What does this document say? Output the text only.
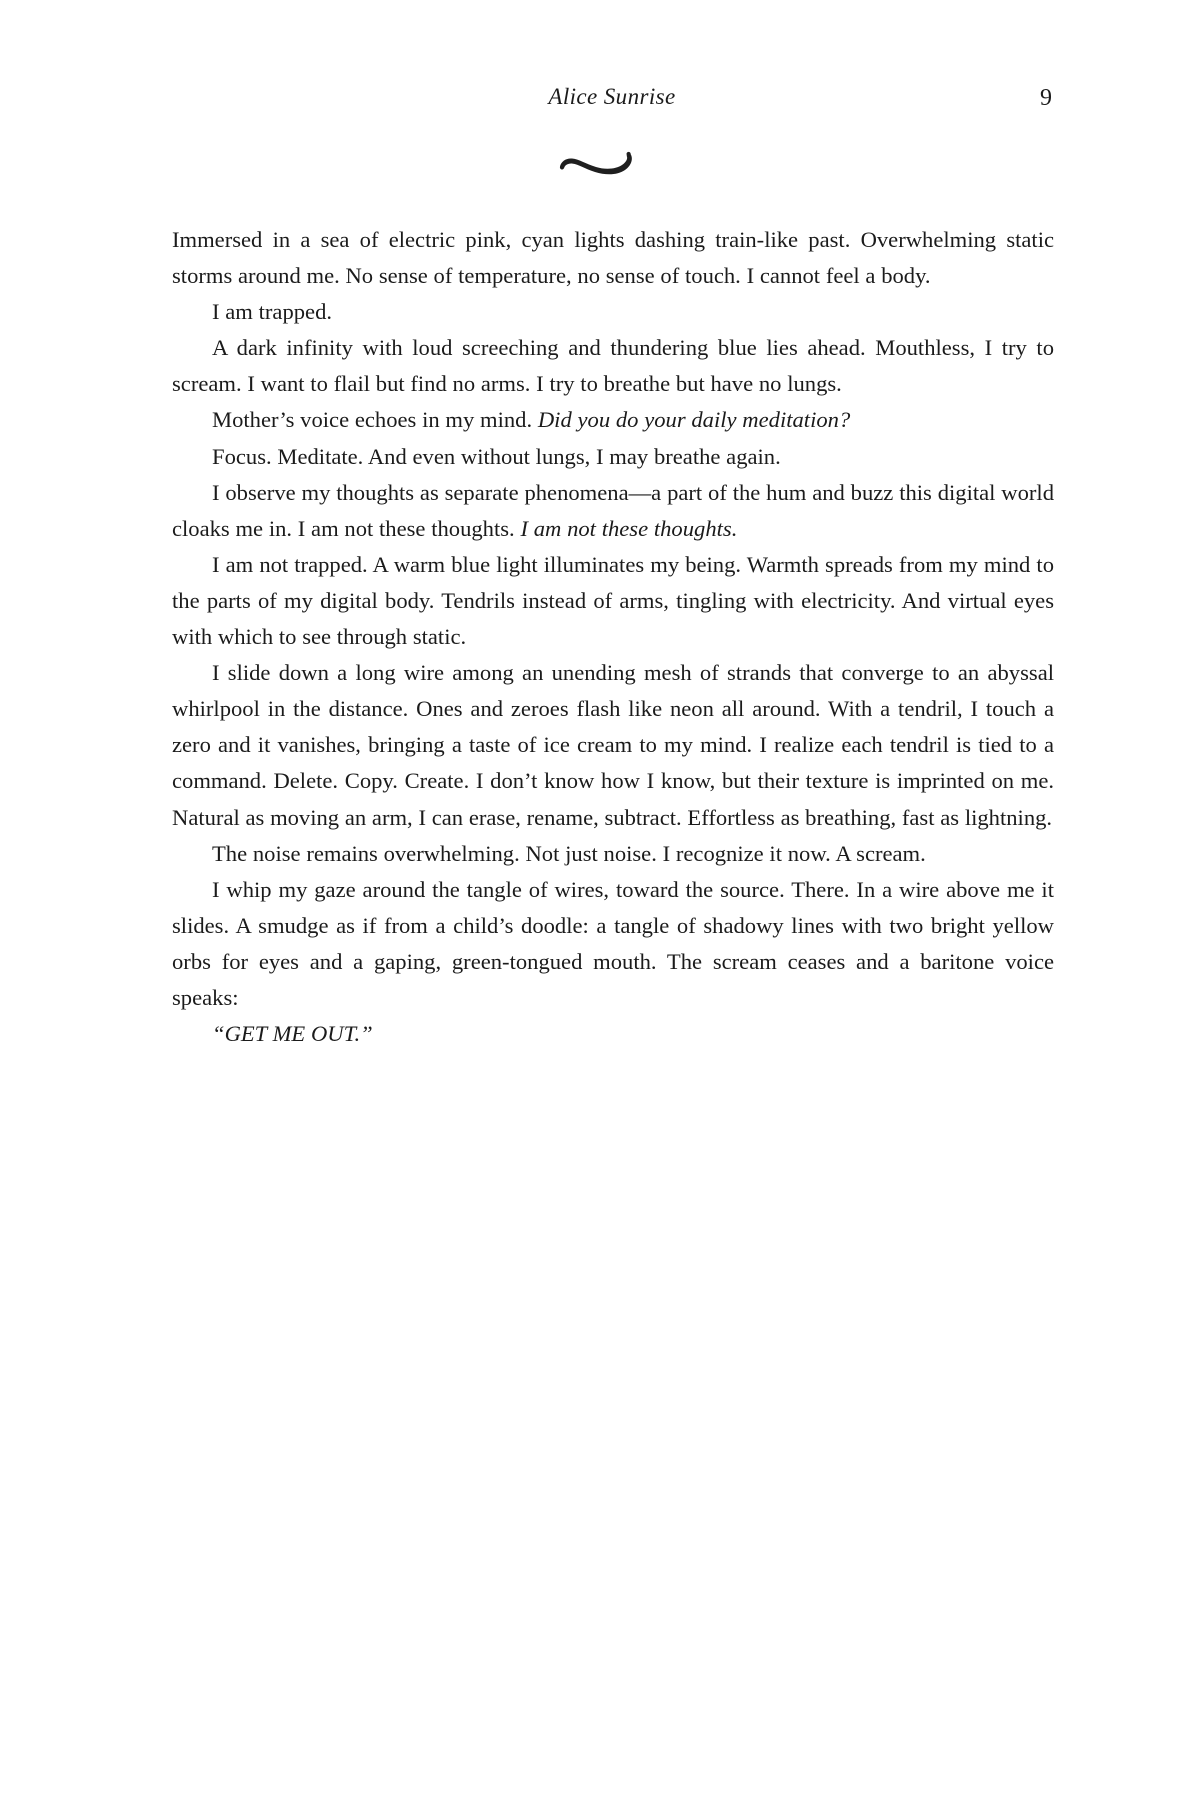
Alice Sunrise	9

Immersed in a sea of electric pink, cyan lights dashing train-like past. Overwhelming static storms around me. No sense of temperature, no sense of touch. I cannot feel a body.

I am trapped.

A dark infinity with loud screeching and thundering blue lies ahead. Mouthless, I try to scream. I want to flail but find no arms. I try to breathe but have no lungs.

Mother’s voice echoes in my mind. Did you do your daily meditation?

Focus. Meditate. And even without lungs, I may breathe again.

I observe my thoughts as separate phenomena—a part of the hum and buzz this digital world cloaks me in. I am not these thoughts. I am not these thoughts.

I am not trapped. A warm blue light illuminates my being. Warmth spreads from my mind to the parts of my digital body. Tendrils instead of arms, tingling with electricity. And virtual eyes with which to see through static.

I slide down a long wire among an unending mesh of strands that converge to an abyssal whirlpool in the distance. Ones and zeroes flash like neon all around. With a tendril, I touch a zero and it vanishes, bringing a taste of ice cream to my mind. I realize each tendril is tied to a command. Delete. Copy. Create. I don’t know how I know, but their texture is imprinted on me. Natural as moving an arm, I can erase, rename, subtract. Effortless as breathing, fast as lightning.

The noise remains overwhelming. Not just noise. I recognize it now. A scream.

I whip my gaze around the tangle of wires, toward the source. There. In a wire above me it slides. A smudge as if from a child’s doodle: a tangle of shadowy lines with two bright yellow orbs for eyes and a gaping, green-tongued mouth. The scream ceases and a baritone voice speaks:

“GET ME OUT.”
